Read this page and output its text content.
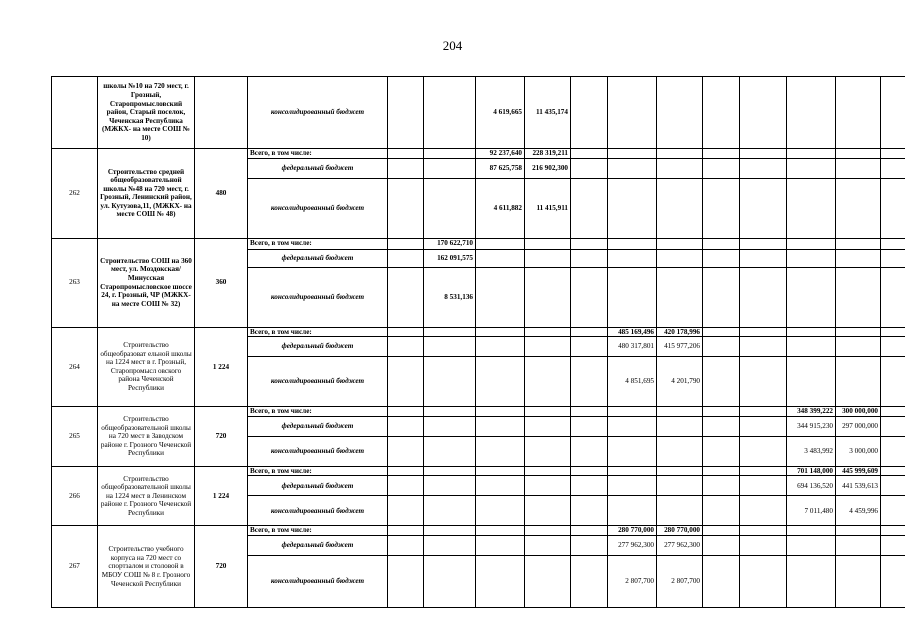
204
	школы №10 на 720 мест, г. Грозный, Старопромысловский район, Старый поселок, Чеченская Республика (МЖКХ- на месте СОШ № 10)		консолидированный бюджет			4 619,665	11 435,174								
262	Строительство средней общеобразовательной школы №48 на 720 мест, г. Грозный, Ленинский район, ул. Кутузова,11, (МЖКХ- на месте СОШ № 48)	480	Всего, в том числе:			92 237,640	228 319,211								
			федеральный бюджет			87 625,758	216 902,300								
			консолидированный бюджет			4 611,882	11 415,911								
263	Строительство СОШ на 360 мест, ул. Моздокская/Минусская Старопромысловское шоссе 24, г. Грозный, ЧР (МЖКХ- на месте СОШ № 32)	360	Всего, в том числе:		170 622,710										
			федеральный бюджет		162 091,575										
			консолидированный бюджет		8 531,136										
264	Строительство общеобразоват ельной школы на 1224 мест в г. Грозный, Старопромысл овского района Чеченской Республики	1 224	Всего, в том числе:						485 169,496	420 178,996					
			федеральный бюджет						480 317,801	415 977,206					
			консолидированный бюджет						4 851,695	4 201,790					
265	Строительство общеобразовательной школы на 720 мест в Заводском районе г. Грозного Чеченской Республики	720	Всего, в том числе:										348 399,222	300 000,000	
			федеральный бюджет										344 915,230	297 000,000	
			консолидированный бюджет										3 483,992	3 000,000	
266	Строительство общеобразовательной школы на 1224 мест в Ленинском районе г. Грозного Чеченской Республики	1 224	Всего, в том числе:										701 148,000	445 999,609	
			федеральный бюджет										694 136,520	441 539,613	
			консолидированный бюджет										7 011,480	4 459,996	
267	Строительство учебного корпуса на 720 мест со спортзалом и столовой в МБОУ СОШ № 8 г. Грозного Чеченской Республики	720	Всего, в том числе:						280 770,000	280 770,000					
			федеральный бюджет						277 962,300	277 962,300					
			консолидированный бюджет						2 807,700	2 807,700					
